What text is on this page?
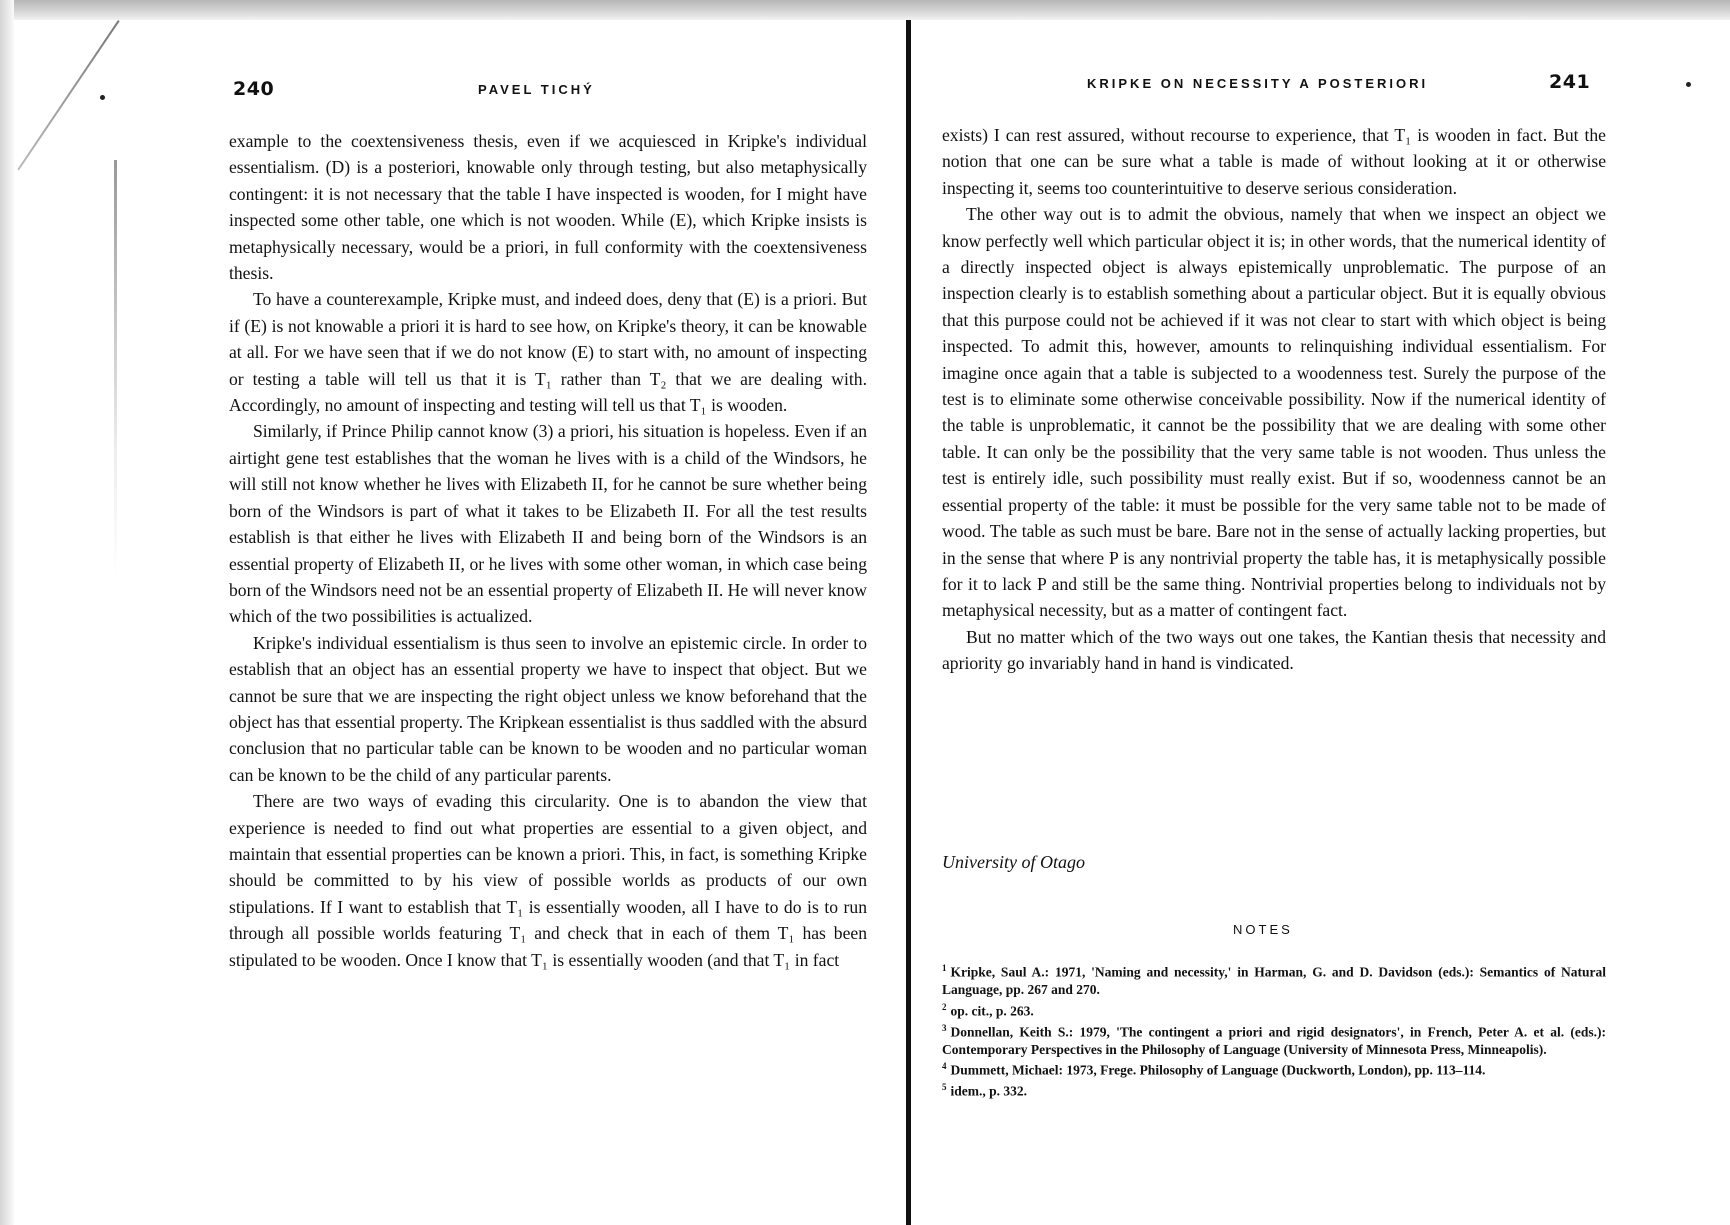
240	PAVEL TICHÝ

example to the coextensiveness thesis, even if we acquiesced in Kripke's individual essentialism. (D) is a posteriori, knowable only through testing, but also metaphysically contingent: it is not necessary that the table I have inspected is wooden, for I might have inspected some other table, one which is not wooden. While (E), which Kripke insists is metaphysically necessary, would be a priori, in full conformity with the coextensiveness thesis.

To have a counterexample, Kripke must, and indeed does, deny that (E) is a priori. But if (E) is not knowable a priori it is hard to see how, on Kripke's theory, it can be knowable at all. For we have seen that if we do not know (E) to start with, no amount of inspecting or testing a table will tell us that it is T₁ rather than T₂ that we are dealing with. Accordingly, no amount of inspecting and testing will tell us that T₁ is wooden.

Similarly, if Prince Philip cannot know (3) a priori, his situation is hopeless. Even if an airtight gene test establishes that the woman he lives with is a child of the Windsors, he will still not know whether he lives with Elizabeth II, for he cannot be sure whether being born of the Windsors is part of what it takes to be Elizabeth II. For all the test results establish is that either he lives with Elizabeth II and being born of the Windsors is an essential property of Elizabeth II, or he lives with some other woman, in which case being born of the Windsors need not be an essential property of Elizabeth II. He will never know which of the two possibilities is actualized.

Kripke's individual essentialism is thus seen to involve an epistemic circle. In order to establish that an object has an essential property we have to inspect that object. But we cannot be sure that we are inspecting the right object unless we know beforehand that the object has that essential property. The Kripkean essentialist is thus saddled with the absurd conclusion that no particular table can be known to be wooden and no particular woman can be known to be the child of any particular parents.

There are two ways of evading this circularity. One is to abandon the view that experience is needed to find out what properties are essential to a given object, and maintain that essential properties can be known a priori. This, in fact, is something Kripke should be committed to by his view of possible worlds as products of our own stipulations. If I want to establish that T₁ is essentially wooden, all I have to do is to run through all possible worlds featuring T₁ and check that in each of them T₁ has been stipulated to be wooden. Once I know that T₁ is essentially wooden (and that T₁ in fact

KRIPKE ON NECESSITY A POSTERIORI	241

exists) I can rest assured, without recourse to experience, that T₁ is wooden in fact. But the notion that one can be sure what a table is made of without looking at it or otherwise inspecting it, seems too counterintuitive to deserve serious consideration.

The other way out is to admit the obvious, namely that when we inspect an object we know perfectly well which particular object it is; in other words, that the numerical identity of a directly inspected object is always epistemically unproblematic. The purpose of an inspection clearly is to establish something about a particular object. But it is equally obvious that this purpose could not be achieved if it was not clear to start with which object is being inspected. To admit this, however, amounts to relinquishing individual essentialism. For imagine once again that a table is subjected to a woodenness test. Surely the purpose of the test is to eliminate some otherwise conceivable possibility. Now if the numerical identity of the table is unproblematic, it cannot be the possibility that we are dealing with some other table. It can only be the possibility that the very same table is not wooden. Thus unless the test is entirely idle, such possibility must really exist. But if so, woodenness cannot be an essential property of the table: it must be possible for the very same table not to be made of wood. The table as such must be bare. Bare not in the sense of actually lacking properties, but in the sense that where P is any nontrivial property the table has, it is metaphysically possible for it to lack P and still be the same thing. Nontrivial properties belong to individuals not by metaphysical necessity, but as a matter of contingent fact.

But no matter which of the two ways out one takes, the Kantian thesis that necessity and apriority go invariably hand in hand is vindicated.

University of Otago
NOTES

$^1$ Kripke, Saul A.: 1971, 'Naming and necessity,' in Harman, G. and D. Davidson (eds.): Semantics of Natural Language, pp. 267 and 270.

$^2$ op. cit., p. 263.

$^3$ Donnellan, Keith S.: 1979, 'The contingent a priori and rigid designators', in French, Peter A. et al. (eds.): Contemporary Perspectives in the Philosophy of Language (University of Minnesota Press, Minneapolis).

$^4$ Dummett, Michael: 1973, Frege. Philosophy of Language (Duckworth, London), pp. 113–114.

$^5$ idem., p. 332.
